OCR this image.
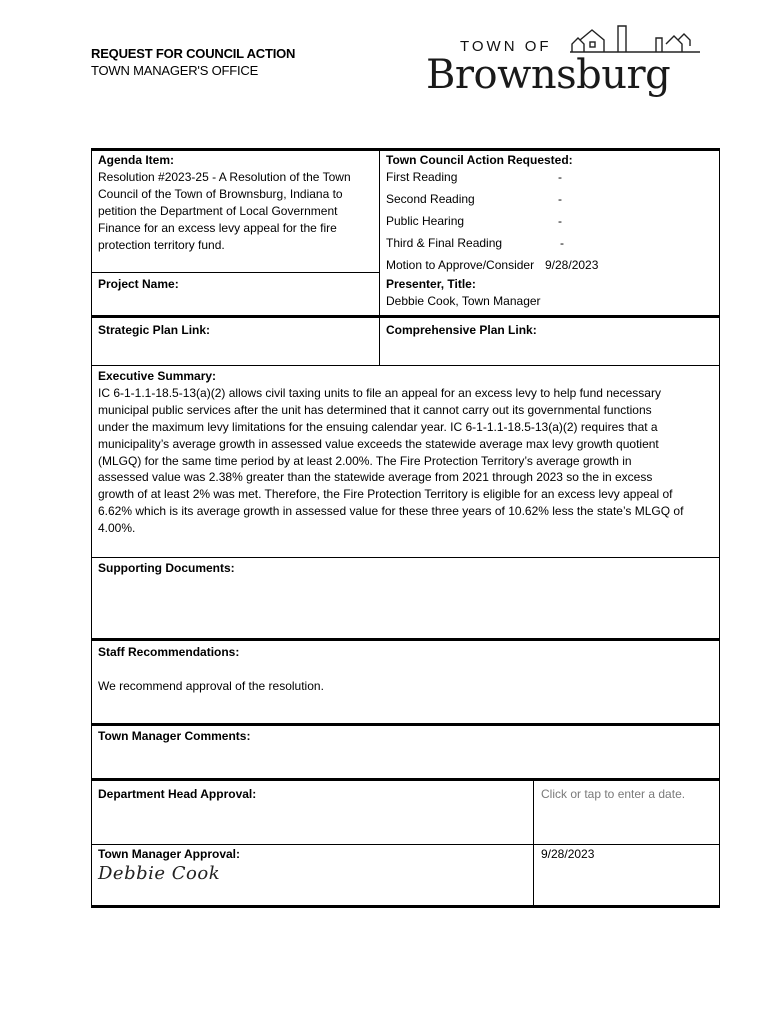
REQUEST FOR COUNCIL ACTION
TOWN MANAGER'S OFFICE
TOWN OF
Brownsburg
Agenda Item:
Resolution #2023-25 - A Resolution of the Town Council of the Town of Brownsburg, Indiana to petition the Department of Local Government Finance for an excess levy appeal for the fire protection territory fund.
Town Council Action Requested:
First Reading	-
Second Reading	-
Public Hearing	-
Third & Final Reading	-
Motion to Approve/Consider 9/28/2023
Project Name:	Presenter, Title:
Debbie Cook, Town Manager
Strategic Plan Link:	Comprehensive Plan Link:
Executive Summary:
IC 6-1-1.1-18.5-13(a)(2) allows civil taxing units to file an appeal for an excess levy to help fund necessary
municipal public services after the unit has determined that it cannot carry out its governmental functions
under the maximum levy limitations for the ensuing calendar year. IC 6-1-1.1-18.5-13(a)(2) requires that a
municipality’s average growth in assessed value exceeds the statewide average max levy growth quotient
(MLGQ) for the same time period by at least 2.00%. The Fire Protection Territory’s average growth in
assessed value was 2.38% greater than the statewide average from 2021 through 2023 so the in excess
growth of at least 2% was met. Therefore, the Fire Protection Territory is eligible for an excess levy appeal of
6.62% which is its average growth in assessed value for these three years of 10.62% less the state’s MLGQ of
4.00%.
Supporting Documents:
Staff Recommendations:
We recommend approval of the resolution.
Town Manager Comments:
Department Head Approval:	Click or tap to enter a date.
Town Manager Approval:
Debbie Cook
9/28/2023
